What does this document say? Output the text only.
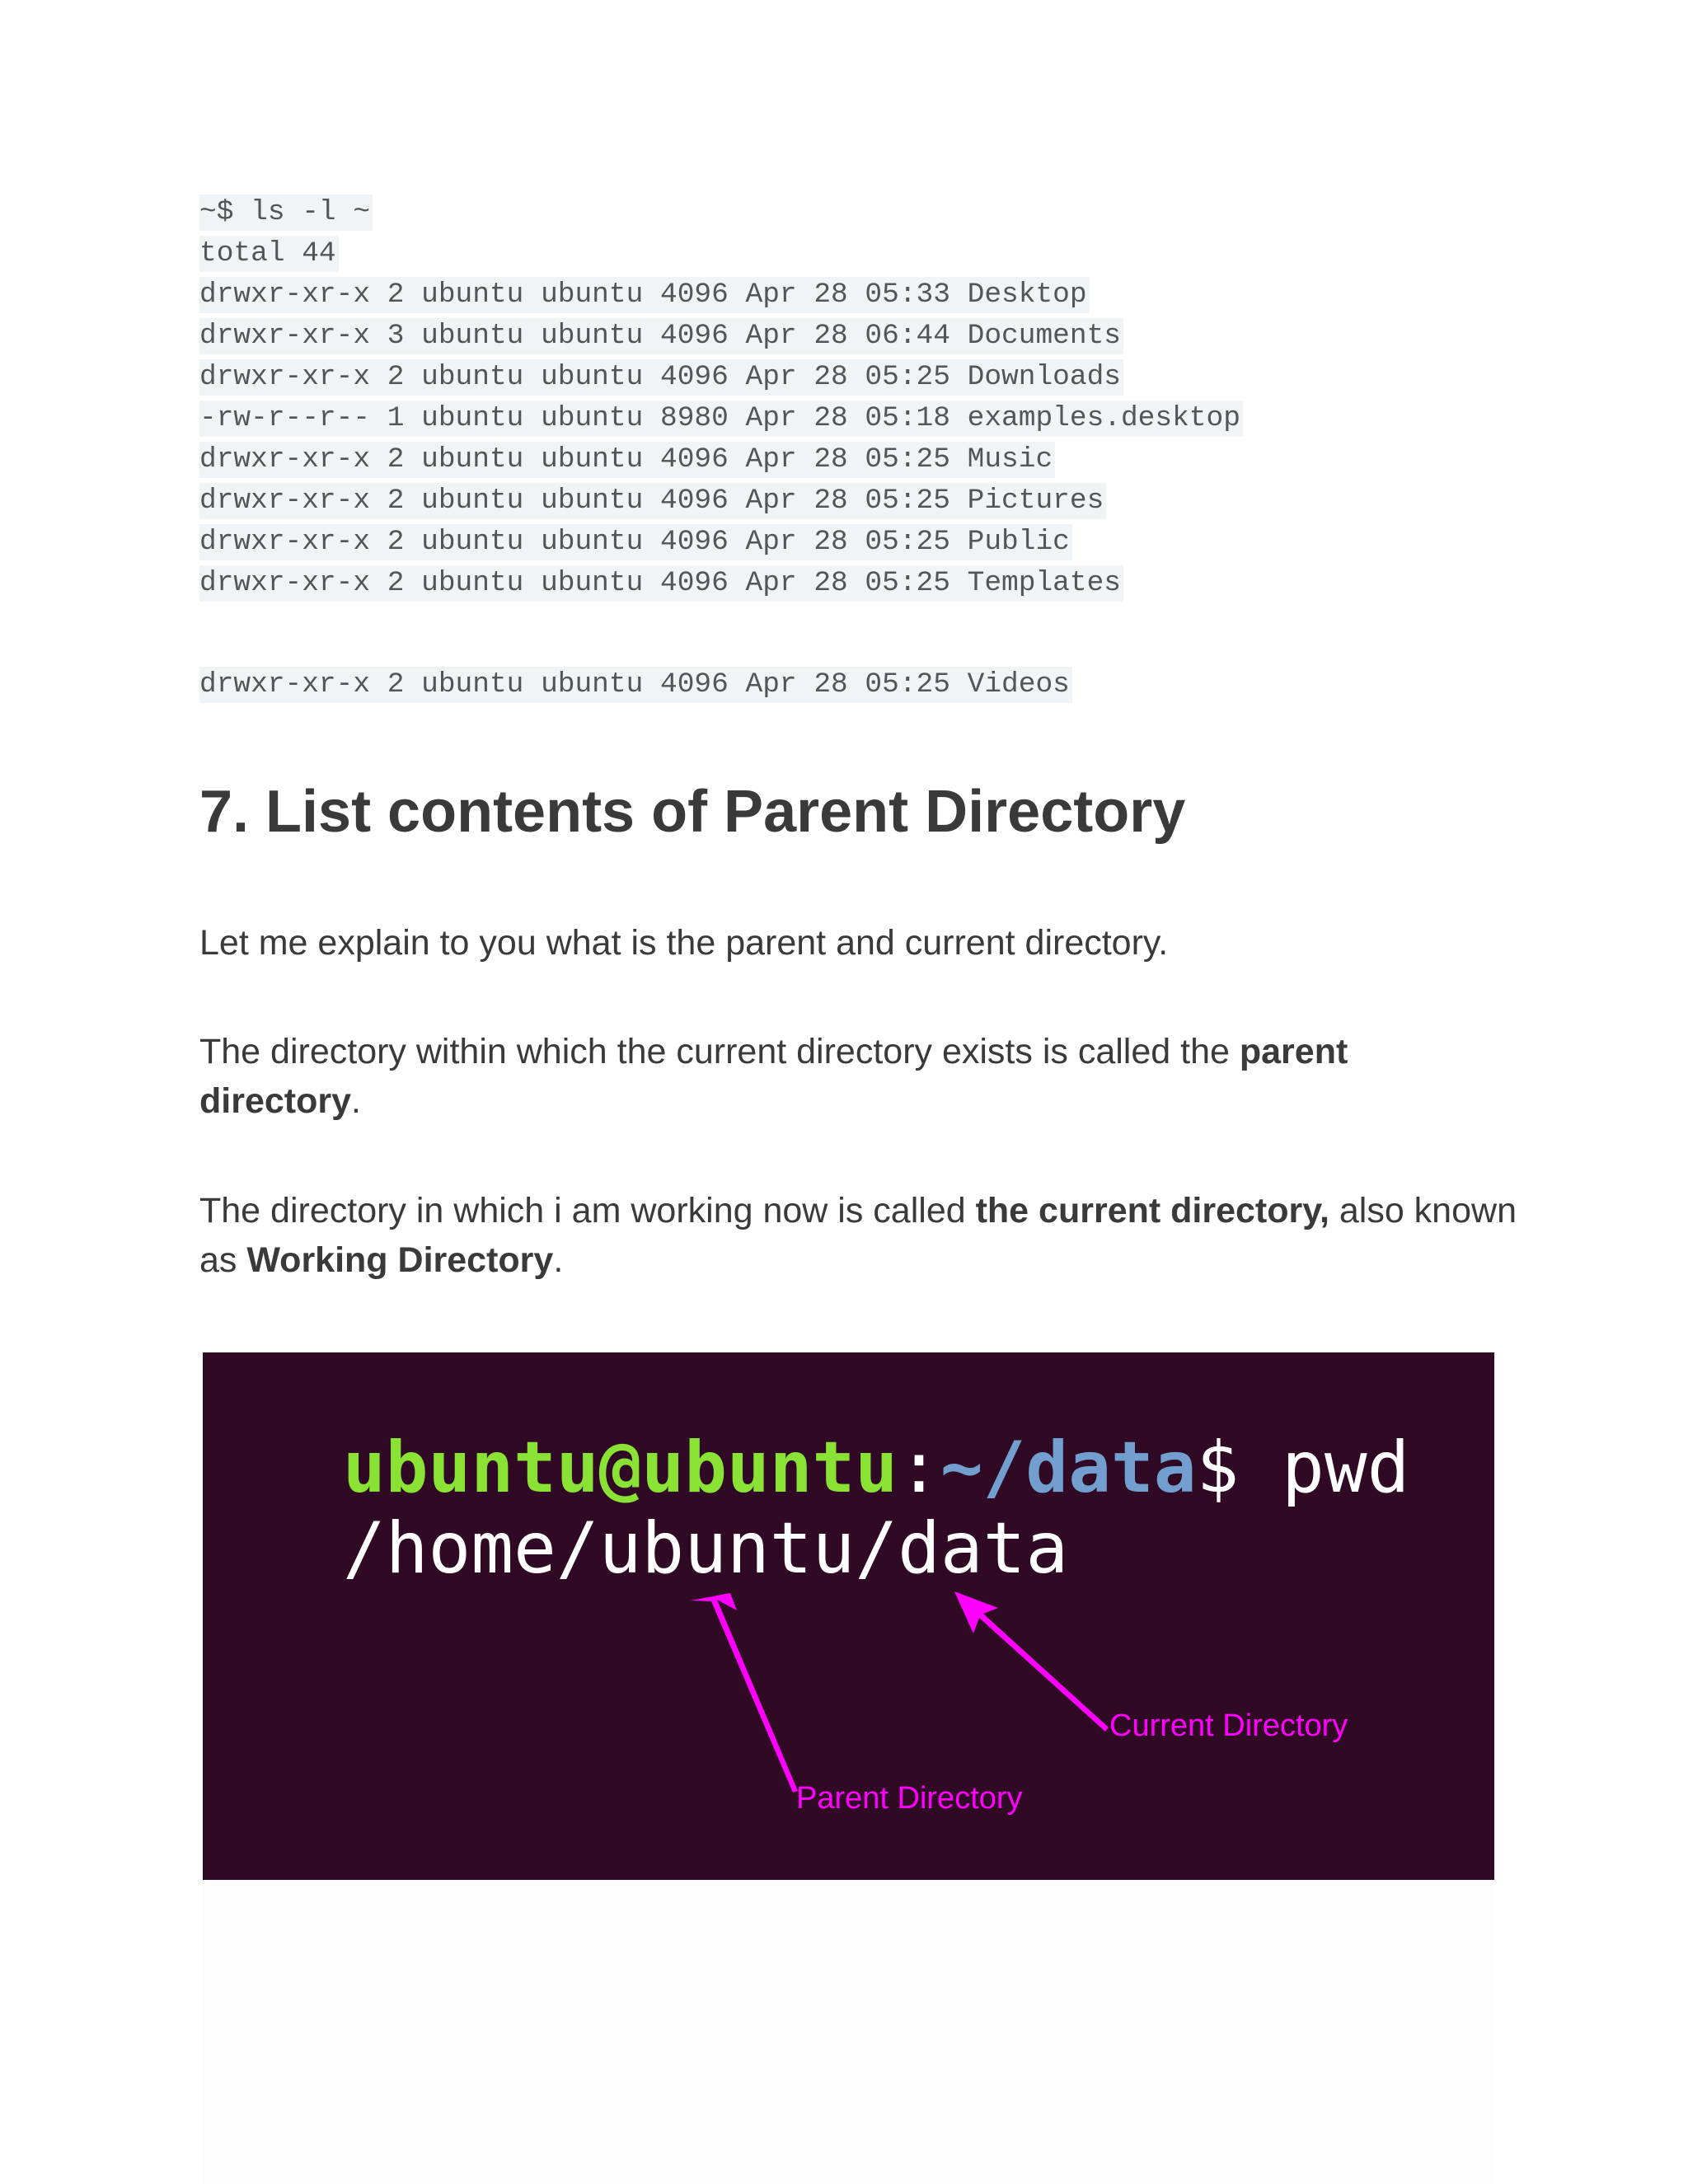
~$ ls -l ~
total 44
drwxr-xr-x 2 ubuntu ubuntu 4096 Apr 28 05:33 Desktop
drwxr-xr-x 3 ubuntu ubuntu 4096 Apr 28 06:44 Documents
drwxr-xr-x 2 ubuntu ubuntu 4096 Apr 28 05:25 Downloads
-rw-r--r-- 1 ubuntu ubuntu 8980 Apr 28 05:18 examples.desktop
drwxr-xr-x 2 ubuntu ubuntu 4096 Apr 28 05:25 Music
drwxr-xr-x 2 ubuntu ubuntu 4096 Apr 28 05:25 Pictures
drwxr-xr-x 2 ubuntu ubuntu 4096 Apr 28 05:25 Public
drwxr-xr-x 2 ubuntu ubuntu 4096 Apr 28 05:25 Templates
drwxr-xr-x 2 ubuntu ubuntu 4096 Apr 28 05:25 Videos
7. List contents of Parent Directory

Let me explain to you what is the parent and current directory.

The directory within which the current directory exists is called the parent directory.

The directory in which i am working now is called the current directory, also known as Working Directory.

ubuntu@ubuntu:~/data$ pwd
/home/ubuntu/data
Current Directory
Parent Directory
